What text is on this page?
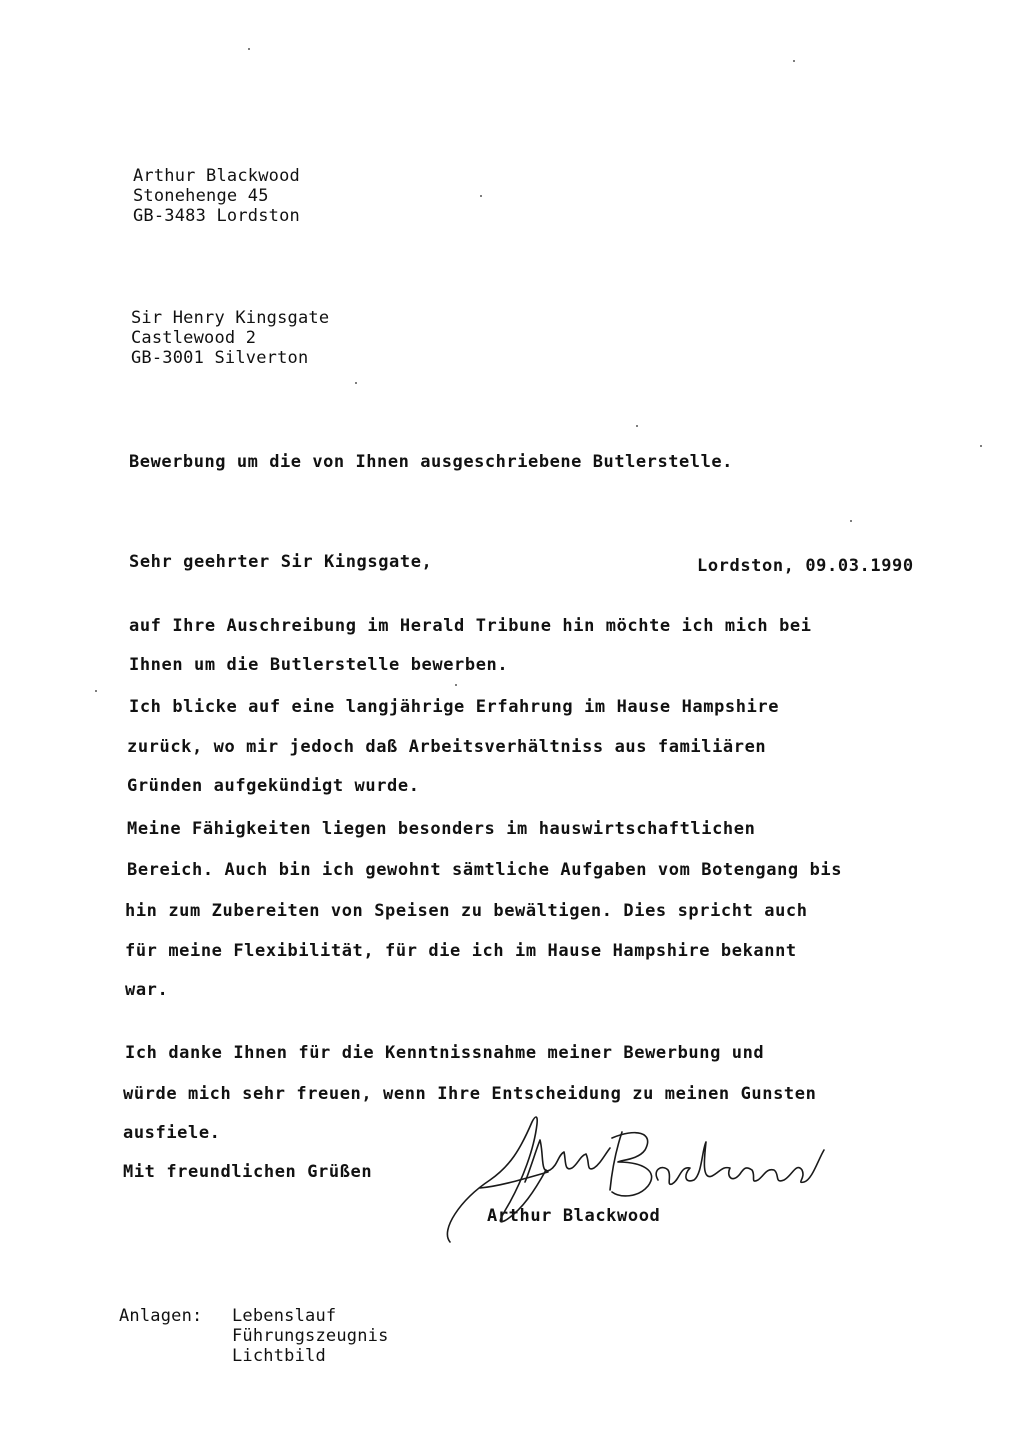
Arthur Blackwood
Stonehenge 45
GB-3483 Lordston
Sir Henry Kingsgate
Castlewood 2
GB-3001 Silverton
Bewerbung um die von Ihnen ausgeschriebene Butlerstelle.
Sehr geehrter Sir Kingsgate,	Lordston, 09.03.1990
auf Ihre Auschreibung im Herald Tribune hin möchte ich mich bei
Ihnen um die Butlerstelle bewerben.
Ich blicke auf eine langjährige Erfahrung im Hause Hampshire
zurück, wo mir jedoch daß Arbeitsverhältniss aus familiären
Gründen aufgekündigt wurde.
Meine Fähigkeiten liegen besonders im hauswirtschaftlichen
Bereich. Auch bin ich gewohnt sämtliche Aufgaben vom Botengang bis
hin zum Zubereiten von Speisen zu bewältigen. Dies spricht auch
für meine Flexibilität, für die ich im Hause Hampshire bekannt
war.
Ich danke Ihnen für die Kenntnissnahme meiner Bewerbung und
würde mich sehr freuen, wenn Ihre Entscheidung zu meinen Gunsten
ausfiele.
Mit freundlichen Grüßen
Arthur Blackwood
Anlagen: Lebenslauf
Führungszeugnis
Lichtbild
